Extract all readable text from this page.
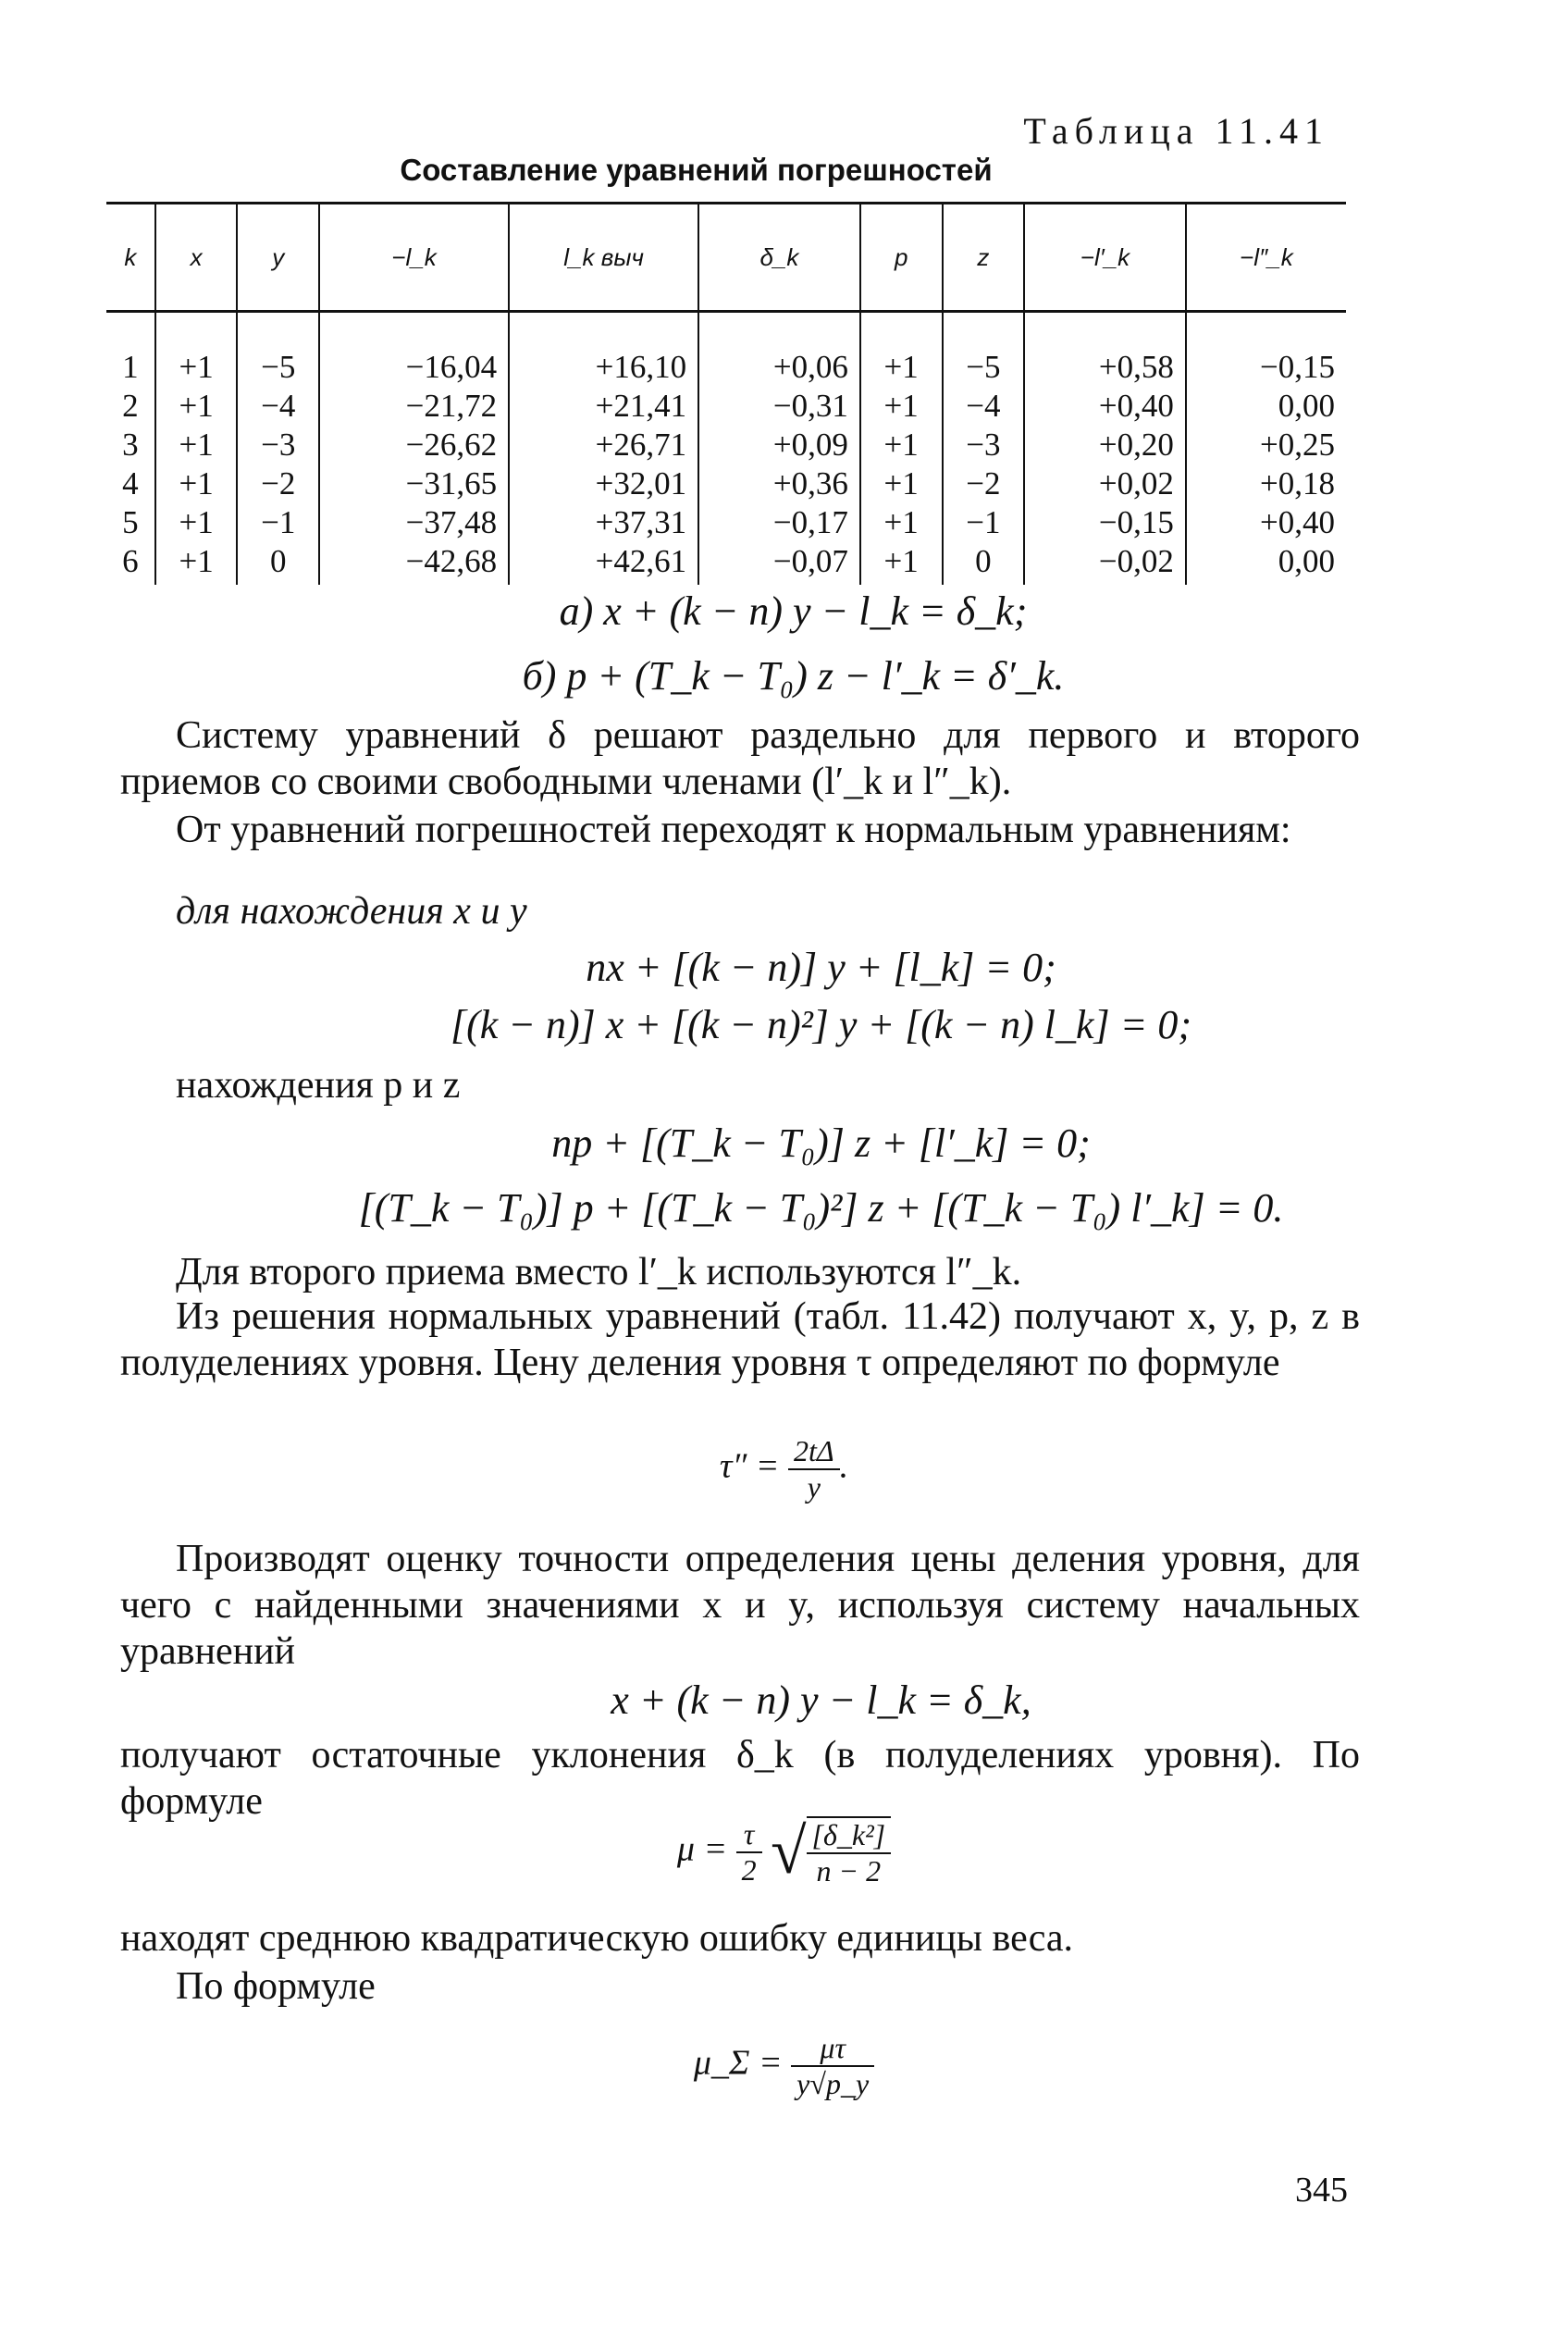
Таблица 11.41
Составление уравнений погрешностей
k	x	y	−l_k	l_k выч	δ_k	p	z	−l′_k	−l″_k
1	+1	−5	−16,04	+16,10	+0,06	+1	−5	+0,58	−0,15
2	+1	−4	−21,72	+21,41	−0,31	+1	−4	+0,40	0,00
3	+1	−3	−26,62	+26,71	+0,09	+1	−3	+0,20	+0,25
4	+1	−2	−31,65	+32,01	+0,36	+1	−2	+0,02	+0,18
5	+1	−1	−37,48	+37,31	−0,17	+1	−1	−0,15	+0,40
6	+1	0	−42,68	+42,61	−0,07	+1	0	−0,02	0,00
а) x + (k − n) y − l_k = δ_k;
б) p + (T_k − T₀) z − l′_k = δ′_k.
Систему уравнений δ решают раздельно для первого и второго приемов со своими свободными членами (l′_k и l″_k).
От уравнений погрешностей переходят к нормальным уравнениям:
для нахождения x и y
nx + [(k − n)] y + [l_k] = 0;
[(k − n)] x + [(k − n)²] y + [(k − n) l_k] = 0;
нахождения p и z
np + [(T_k − T₀)] z + [l′_k] = 0;
[(T_k − T₀)] p + [(T_k − T₀)²] z + [(T_k − T₀) l′_k] = 0.
Для второго приема вместо l′_k используются l″_k.
Из решения нормальных уравнений (табл. 11.42) получают x, y, p, z в полуделениях уровня. Цену деления уровня τ определяют по формуле
$\tau'' = \frac{2t\Delta}{y}$ .
Производят оценку точности определения цены деления уровня, для чего с найденными значениями x и y, используя систему начальных уравнений
x + (k − n) y − l_k = δ_k,
получают остаточные уклонения δ_k (в полуделениях уровня). По формуле
$\mu = \frac{\tau}{2}$ √ $\frac{\text{[δ\_k²]}}{n - 2}$
находят среднюю квадратическую ошибку единицы веса.
По формуле
μ_Σ = $\frac{\mu\tau}{y√p\_y}$
345
